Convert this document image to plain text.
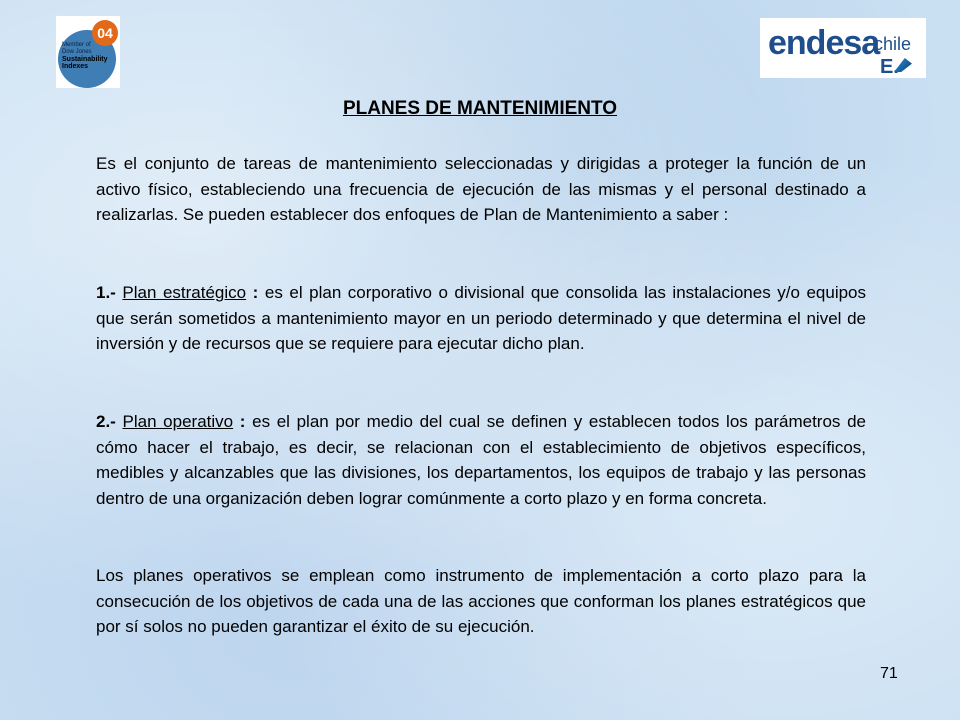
04
Member of Dow Jones
Sustainability Indexes
endesa
chile
E.
PLANES DE MANTENIMIENTO
Es el conjunto de tareas de mantenimiento seleccionadas y dirigidas a proteger la función de un activo físico, estableciendo una frecuencia de ejecución de las mismas y el personal destinado a realizarlas. Se pueden establecer dos enfoques de Plan de Mantenimiento a saber :
1.- Plan estratégico : es el plan corporativo o divisional que consolida las instalaciones y/o equipos que serán sometidos a mantenimiento mayor en un periodo determinado y que determina el nivel de inversión y de recursos que se requiere para ejecutar dicho plan.
2.- Plan operativo : es el plan por medio del cual se definen y establecen todos los parámetros de cómo hacer el trabajo, es decir, se relacionan con el establecimiento de objetivos específicos, medibles y alcanzables que las divisiones, los departamentos, los equipos de trabajo y las personas dentro de una organización deben lograr comúnmente a corto plazo y en forma concreta.
Los planes operativos se emplean como instrumento de implementación a corto plazo para la consecución de los objetivos de cada una de las acciones que conforman los planes estratégicos que por sí solos no pueden garantizar el éxito de su ejecución.
71
